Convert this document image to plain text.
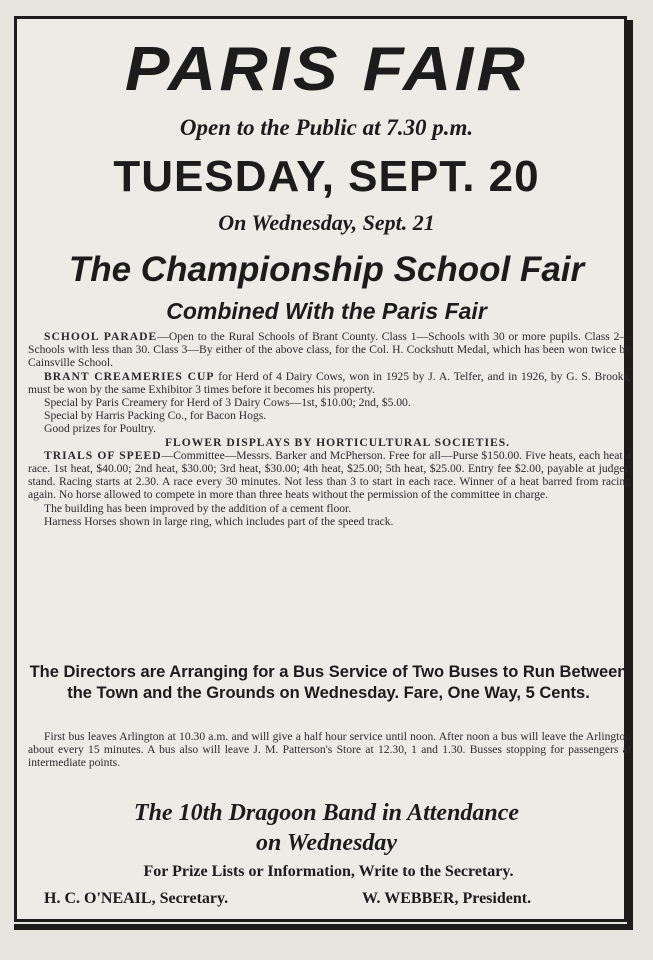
PARIS FAIR
Open to the Public at 7.30 p.m.
TUESDAY, SEPT. 20
On Wednesday, Sept. 21
The Championship School Fair
Combined With the Paris Fair

SCHOOL PARADE—Open to the Rural Schools of Brant County. Class 1—Schools with 30 or more pupils. Class 2—Schools with less than 30. Class 3—By either of the above class, for the Col. H. Cockshutt Medal, which has been won twice by Cainsville School.

BRANT CREAMERIES CUP for Herd of 4 Dairy Cows, won in 1925 by J. A. Telfer, and in 1926, by G. S. Brooks, must be won by the same Exhibitor 3 times before it becomes his property.

Special by Paris Creamery for Herd of 3 Dairy Cows—1st, $10.00; 2nd, $5.00.

Special by Harris Packing Co., for Bacon Hogs.

Good prizes for Poultry.

FLOWER DISPLAYS BY HORTICULTURAL SOCIETIES.

TRIALS OF SPEED—Committee—Messrs. Barker and McPherson. Free for all—Purse $150.00. Five heats, each heat a race. 1st heat, $40.00; 2nd heat, $30.00; 3rd heat, $30.00; 4th heat, $25.00; 5th heat, $25.00. Entry fee $2.00, payable at judges' stand. Racing starts at 2.30. A race every 30 minutes. Not less than 3 to start in each race. Winner of a heat barred from racing again. No horse allowed to compete in more than three heats without the permission of the committee in charge.

The building has been improved by the addition of a cement floor.

Harness Horses shown in large ring, which includes part of the speed track.

The Directors are Arranging for a Bus Service of Two Buses to Run Between the Town and the Grounds on Wednesday. Fare, One Way, 5 Cents.

First bus leaves Arlington at 10.30 a.m. and will give a half hour service until noon. After noon a bus will leave the Arlington about every 15 minutes. A bus also will leave J. M. Patterson's Store at 12.30, 1 and 1.30. Busses stopping for passengers at intermediate points.

The 10th Dragoon Band in Attendance
on Wednesday
For Prize Lists or Information, Write to the Secretary.
H. C. O'NEAIL, Secretary.	W. WEBBER, President.
